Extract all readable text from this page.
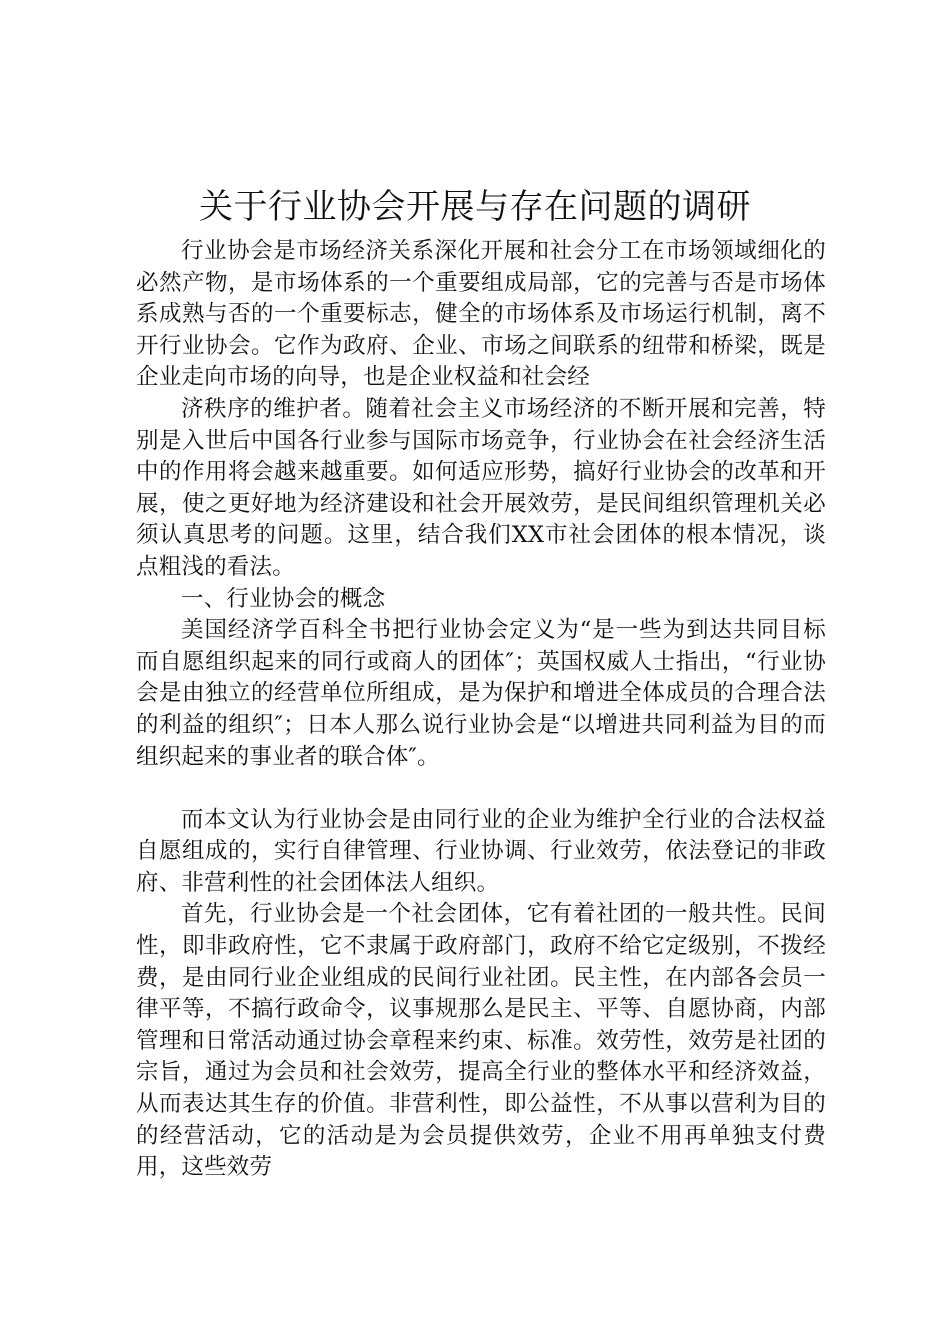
关于行业协会开展与存在问题的调研

行业协会是市场经济关系深化开展和社会分工在市场领域细化的必然产物，是市场体系的一个重要组成局部，它的完善与否是市场体系成熟与否的一个重要标志，健全的市场体系及市场运行机制，离不开行业协会。它作为政府、企业、市场之间联系的纽带和桥梁，既是企业走向市场的向导，也是企业权益和社会经

济秩序的维护者。随着社会主义市场经济的不断开展和完善，特别是入世后中国各行业参与国际市场竞争，行业协会在社会经济生活中的作用将会越来越重要。如何适应形势，搞好行业协会的改革和开展，使之更好地为经济建设和社会开展效劳，是民间组织管理机关必须认真思考的问题。这里，结合我们XX市社会团体的根本情况，谈点粗浅的看法。

一、行业协会的概念

美国经济学百科全书把行业协会定义为“是一些为到达共同目标而自愿组织起来的同行或商人的团体″；英国权威人士指出，“行业协会是由独立的经营单位所组成，是为保护和增进全体成员的合理合法的利益的组织″；日本人那么说行业协会是“以增进共同利益为目的而组织起来的事业者的联合体″。

而本文认为行业协会是由同行业的企业为维护全行业的合法权益自愿组成的，实行自律管理、行业协调、行业效劳，依法登记的非政府、非营利性的社会团体法人组织。

首先，行业协会是一个社会团体，它有着社团的一般共性。民间性，即非政府性，它不隶属于政府部门，政府不给它定级别，不拨经费，是由同行业企业组成的民间行业社团。民主性，在内部各会员一律平等，不搞行政命令，议事规那么是民主、平等、自愿协商，内部管理和日常活动通过协会章程来约束、标准。效劳性，效劳是社团的宗旨，通过为会员和社会效劳，提高全行业的整体水平和经济效益，从而表达其生存的价值。非营利性，即公益性，不从事以营利为目的的经营活动，它的活动是为会员提供效劳，企业不用再单独支付费用，这些效劳
